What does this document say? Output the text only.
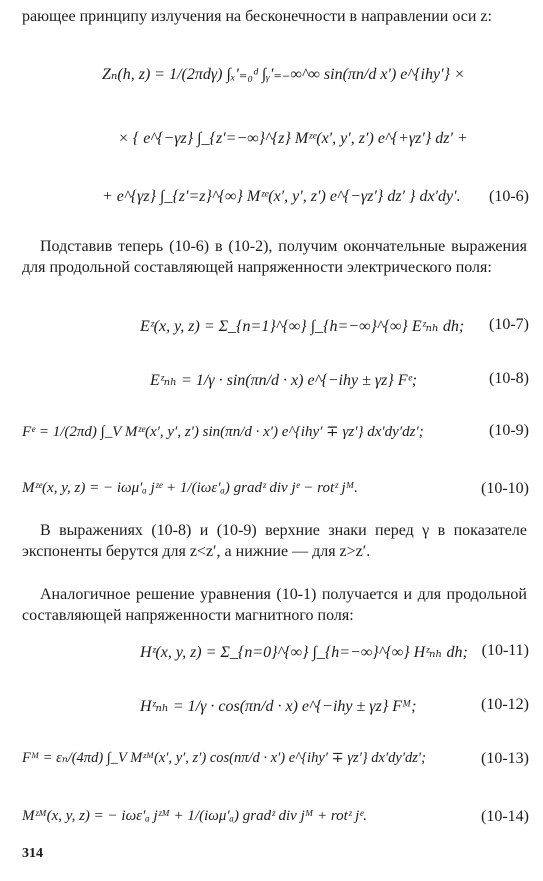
рающее принципу излучения на бесконечности в направлении оси z:
Zₙ(h, z) = 1/(2πdγ) ∫ₓ′₌₀ᵈ ∫ᵧ′₌₋∞^∞ sin(πn/d x′) e^{ihy′} ×
× { e^{−γz} ∫_{z′=−∞}^{z} Mᶻᵉ(x′, y′, z′) e^{+γz′} dz′ +
+ e^{γz} ∫_{z′=z}^{∞} Mᶻᵉ(x′, y′, z′) e^{−γz′} dz′ } dx′dy′. (10-6)
Подставив теперь (10-6) в (10-2), получим окончательные выражения для продольной составляющей напряженности электрического поля:
Eᶻ(x, y, z) = Σ_{n=1}^{∞} ∫_{h=−∞}^{∞} Eᶻₙₕ dh; (10-7)
Eᶻₙₕ = 1/γ · sin(πn/d · x) e^{−ihy ± γz} Fᵉ;	(10-8)
Fᵉ = 1/(2πd) ∫_V Mᶻᵉ(x′, y′, z′) sin(πn/d · x′) e^{ihy′ ∓ γz′} dx′dy′dz′;	(10-9)
Mᶻᵉ(x, y, z) = − iωμ′ₐ jᶻᵉ + 1/(iωε′ₐ) gradᶻ div jᵉ − rotᶻ jᴹ.	(10-10)
В выражениях (10-8) и (10-9) верхние знаки перед γ в показателе экспоненты берутся для z<z′, а нижние — для z>z′.
Аналогичное решение уравнения (10-1) получается и для продольной составляющей напряженности магнитного поля:
Hᶻ(x, y, z) = Σ_{n=0}^{∞} ∫_{h=−∞}^{∞} Hᶻₙₕ dh; (10-11)
Hᶻₙₕ = 1/γ · cos(πn/d · x) e^{−ihy ± γz} Fᴹ;	(10-12)
Fᴹ = εₙ/(4πd) ∫_V Mᶻᴹ(x′, y′, z′) cos(nπ/d · x′) e^{ihy′ ∓ γz′} dx′dy′dz′;	(10-13)
Mᶻᴹ(x, y, z) = − iωε′ₐ jᶻᴹ + 1/(iωμ′ₐ) gradᶻ div jᴹ + rotᶻ jᵉ.	(10-14)
314
